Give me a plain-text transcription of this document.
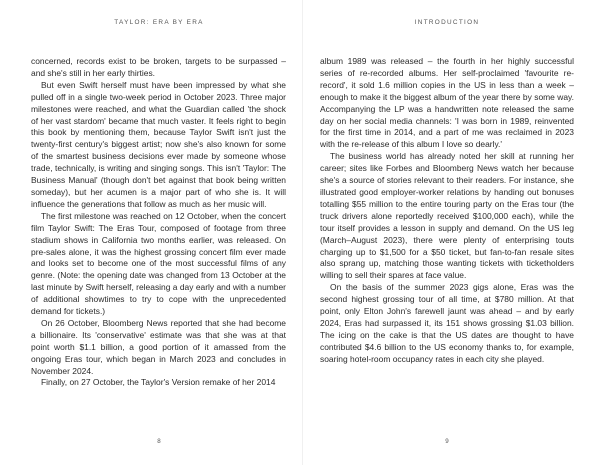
TAYLOR: ERA BY ERA

concerned, records exist to be broken, targets to be surpassed – and she's still in her early thirties.

But even Swift herself must have been impressed by what she pulled off in a single two-week period in October 2023. Three major milestones were reached, and what the Guardian called 'the shock of her vast stardom' became that much vaster. It feels right to begin this book by mentioning them, because Taylor Swift isn't just the twenty-first century's biggest artist; now she's also known for some of the smartest business decisions ever made by someone whose trade, technically, is writing and singing songs. This isn't 'Taylor: The Business Manual' (though don't bet against that book being written someday), but her acumen is a major part of who she is. It will influence the generations that follow as much as her music will.

The first milestone was reached on 12 October, when the concert film Taylor Swift: The Eras Tour, composed of footage from three stadium shows in California two months earlier, was released. On pre-sales alone, it was the highest grossing concert film ever made and looks set to become one of the most successful films of any genre. (Note: the opening date was changed from 13 October at the last minute by Swift herself, releasing a day early and with a number of additional showtimes to try to cope with the unprecedented demand for tickets.)

On 26 October, Bloomberg News reported that she had become a billionaire. Its 'conservative' estimate was that she was at that point worth $1.1 billion, a good portion of it amassed from the ongoing Eras tour, which began in March 2023 and concludes in November 2024.

Finally, on 27 October, the Taylor's Version remake of her 2014

8
INTRODUCTION

album 1989 was released – the fourth in her highly successful series of re-recorded albums. Her self-proclaimed 'favourite re-record', it sold 1.6 million copies in the US in less than a week – enough to make it the biggest album of the year there by some way. Accompanying the LP was a handwritten note released the same day on her social media channels: 'I was born in 1989, reinvented for the first time in 2014, and a part of me was reclaimed in 2023 with the re-release of this album I love so dearly.'

The business world has already noted her skill at running her career; sites like Forbes and Bloomberg News watch her because she's a source of stories relevant to their readers. For instance, she illustrated good employer-worker relations by handing out bonuses totalling $55 million to the entire touring party on the Eras tour (the truck drivers alone reportedly received $100,000 each), while the tour itself provides a lesson in supply and demand. On the US leg (March–August 2023), there were plenty of enterprising touts charging up to $1,500 for a $50 ticket, but fan-to-fan resale sites also sprang up, matching those wanting tickets with ticketholders willing to sell their spares at face value.

On the basis of the summer 2023 gigs alone, Eras was the second highest grossing tour of all time, at $780 million. At that point, only Elton John's farewell jaunt was ahead – and by early 2024, Eras had surpassed it, its 151 shows grossing $1.03 billion. The icing on the cake is that the US dates are thought to have contributed $4.6 billion to the US economy thanks to, for example, soaring hotel-room occupancy rates in each city she played.

9
